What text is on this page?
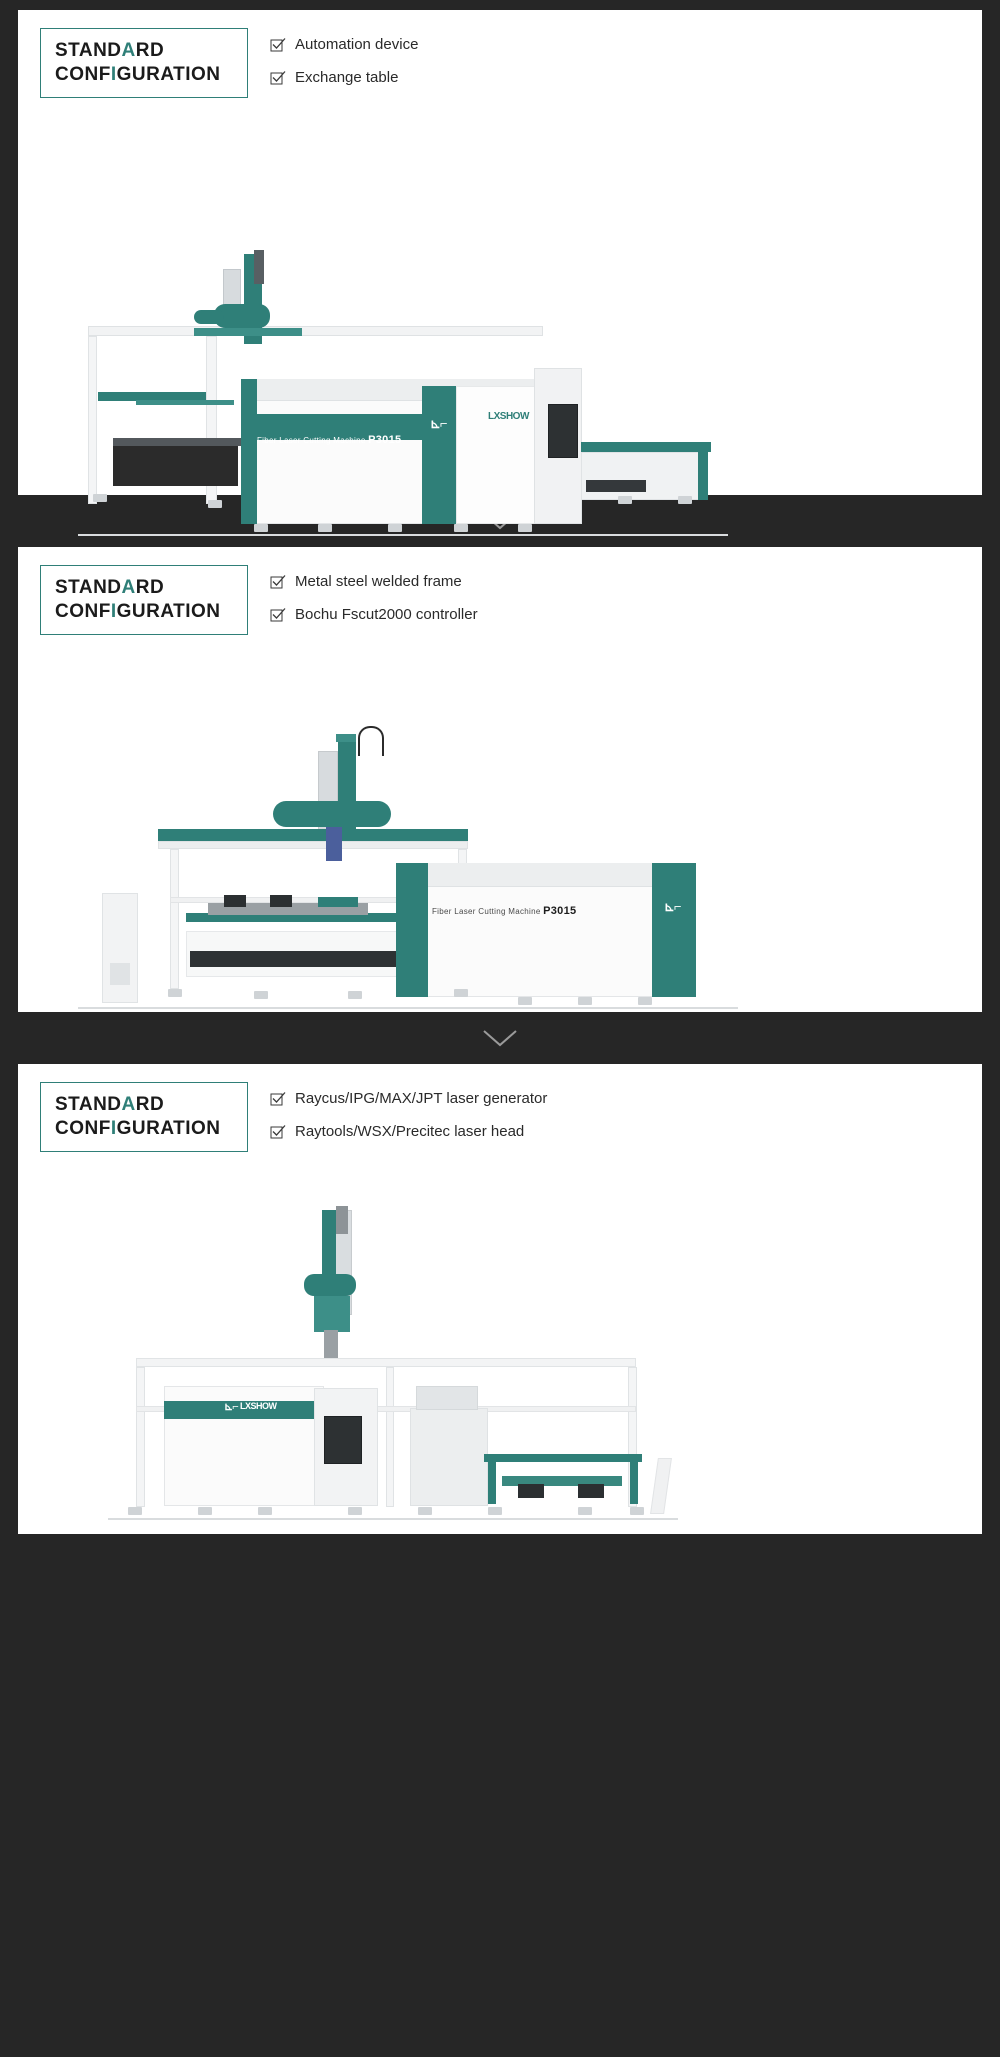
STANDARD
CONFIGURATION
Automation device
Exchange table
Fiber Laser Cutting Machine P3015
⊾⌐	LXSHOW
STANDARD
CONFIGURATION
Metal steel welded frame
Bochu Fscut2000 controller
Fiber Laser Cutting Machine P3015	⊾⌐
STANDARD
CONFIGURATION
Raycus/IPG/MAX/JPT laser generator
Raytools/WSX/Precitec laser head
⊾⌐ LXSHOW
